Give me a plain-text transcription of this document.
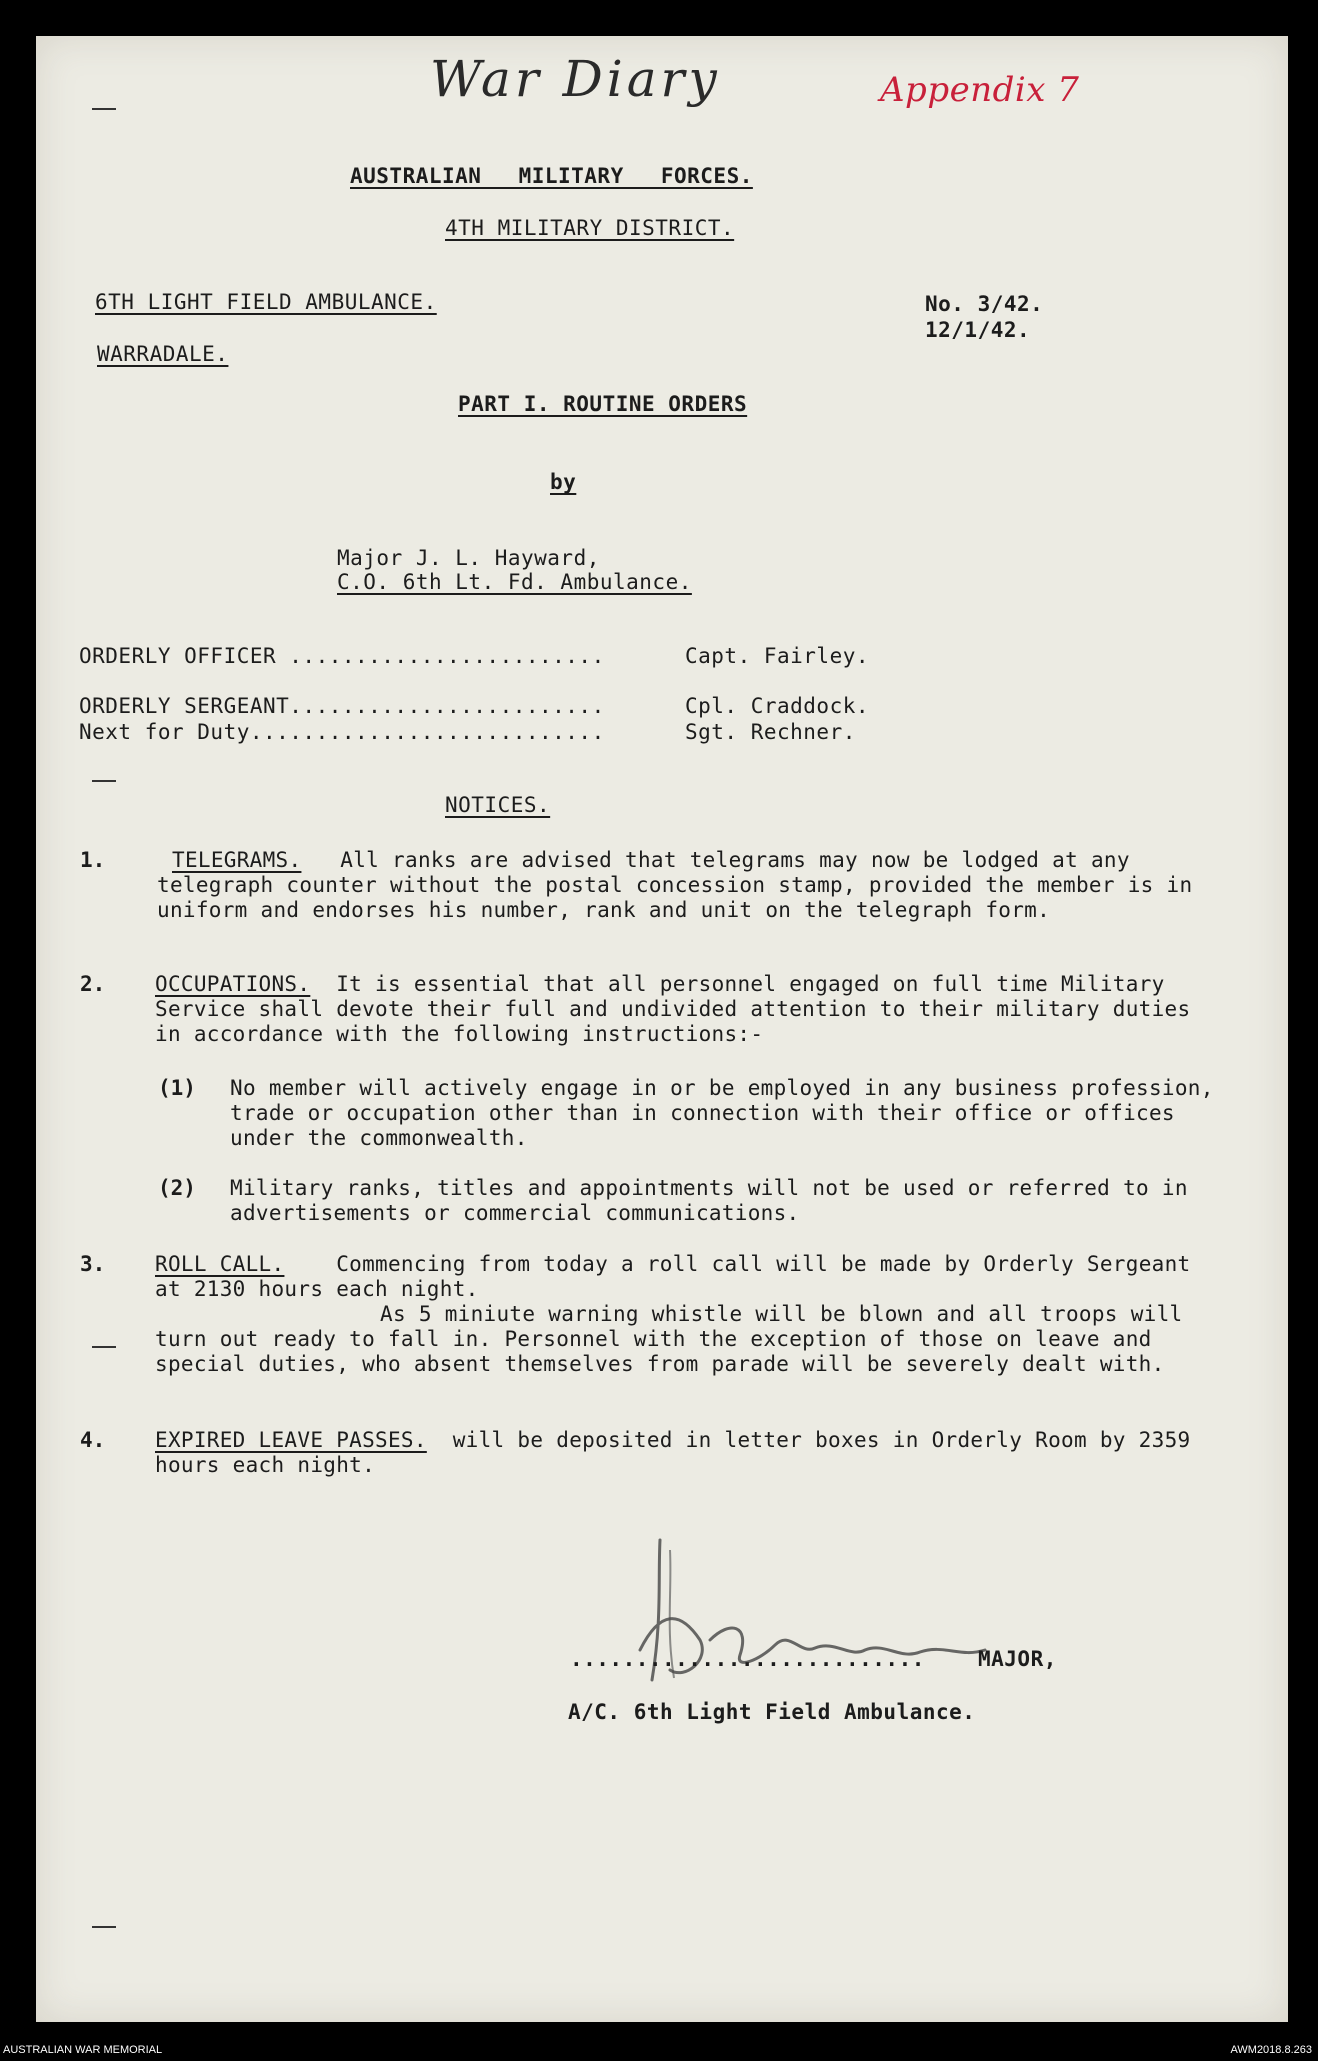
War Diary	Appendix 7
AUSTRALIAN MILITARY FORCES.
4TH MILITARY DISTRICT.
6TH LIGHT FIELD AMBULANCE.	No. 3/42.
12/1/42.
WARRADALE.
PART I. ROUTINE ORDERS
by
Major J. L. Hayward,
C.O. 6th Lt. Fd. Ambulance.
ORDERLY OFFICER ........................	Capt. Fairley.
ORDERLY SERGEANT........................	Cpl. Craddock.
Next for Duty...........................	Sgt. Rechner.
NOTICES.
1.	TELEGRAMS. All ranks are advised that telegrams may now be lodged at any telegraph counter without the postal concession stamp, provided the member is in uniform and endorses his number, rank and unit on the telegraph form.
2. OCCUPATIONS. It is essential that all personnel engaged on full time Military Service shall devote their full and undivided attention to their military duties in accordance with the following instructions:-
(1) No member will actively engage in or be employed in any business profession, trade or occupation other than in connection with their office or offices under the commonwealth.
(2) Military ranks, titles and appointments will not be used or referred to in advertisements or commercial communications.
3. ROLL CALL. Commencing from today a roll call will be made by Orderly Sergeant at 2130 hours each night.
As 5 miniute warning whistle will be blown and all troops will turn out ready to fall in. Personnel with the exception of those on leave and special duties, who absent themselves from parade will be severely dealt with.
4. EXPIRED LEAVE PASSES. will be deposited in letter boxes in Orderly Room by 2359 hours each night.
...........................	MAJOR,
A/C. 6th Light Field Ambulance.
AUSTRALIAN WAR MEMORIAL	AWM2018.8.263
